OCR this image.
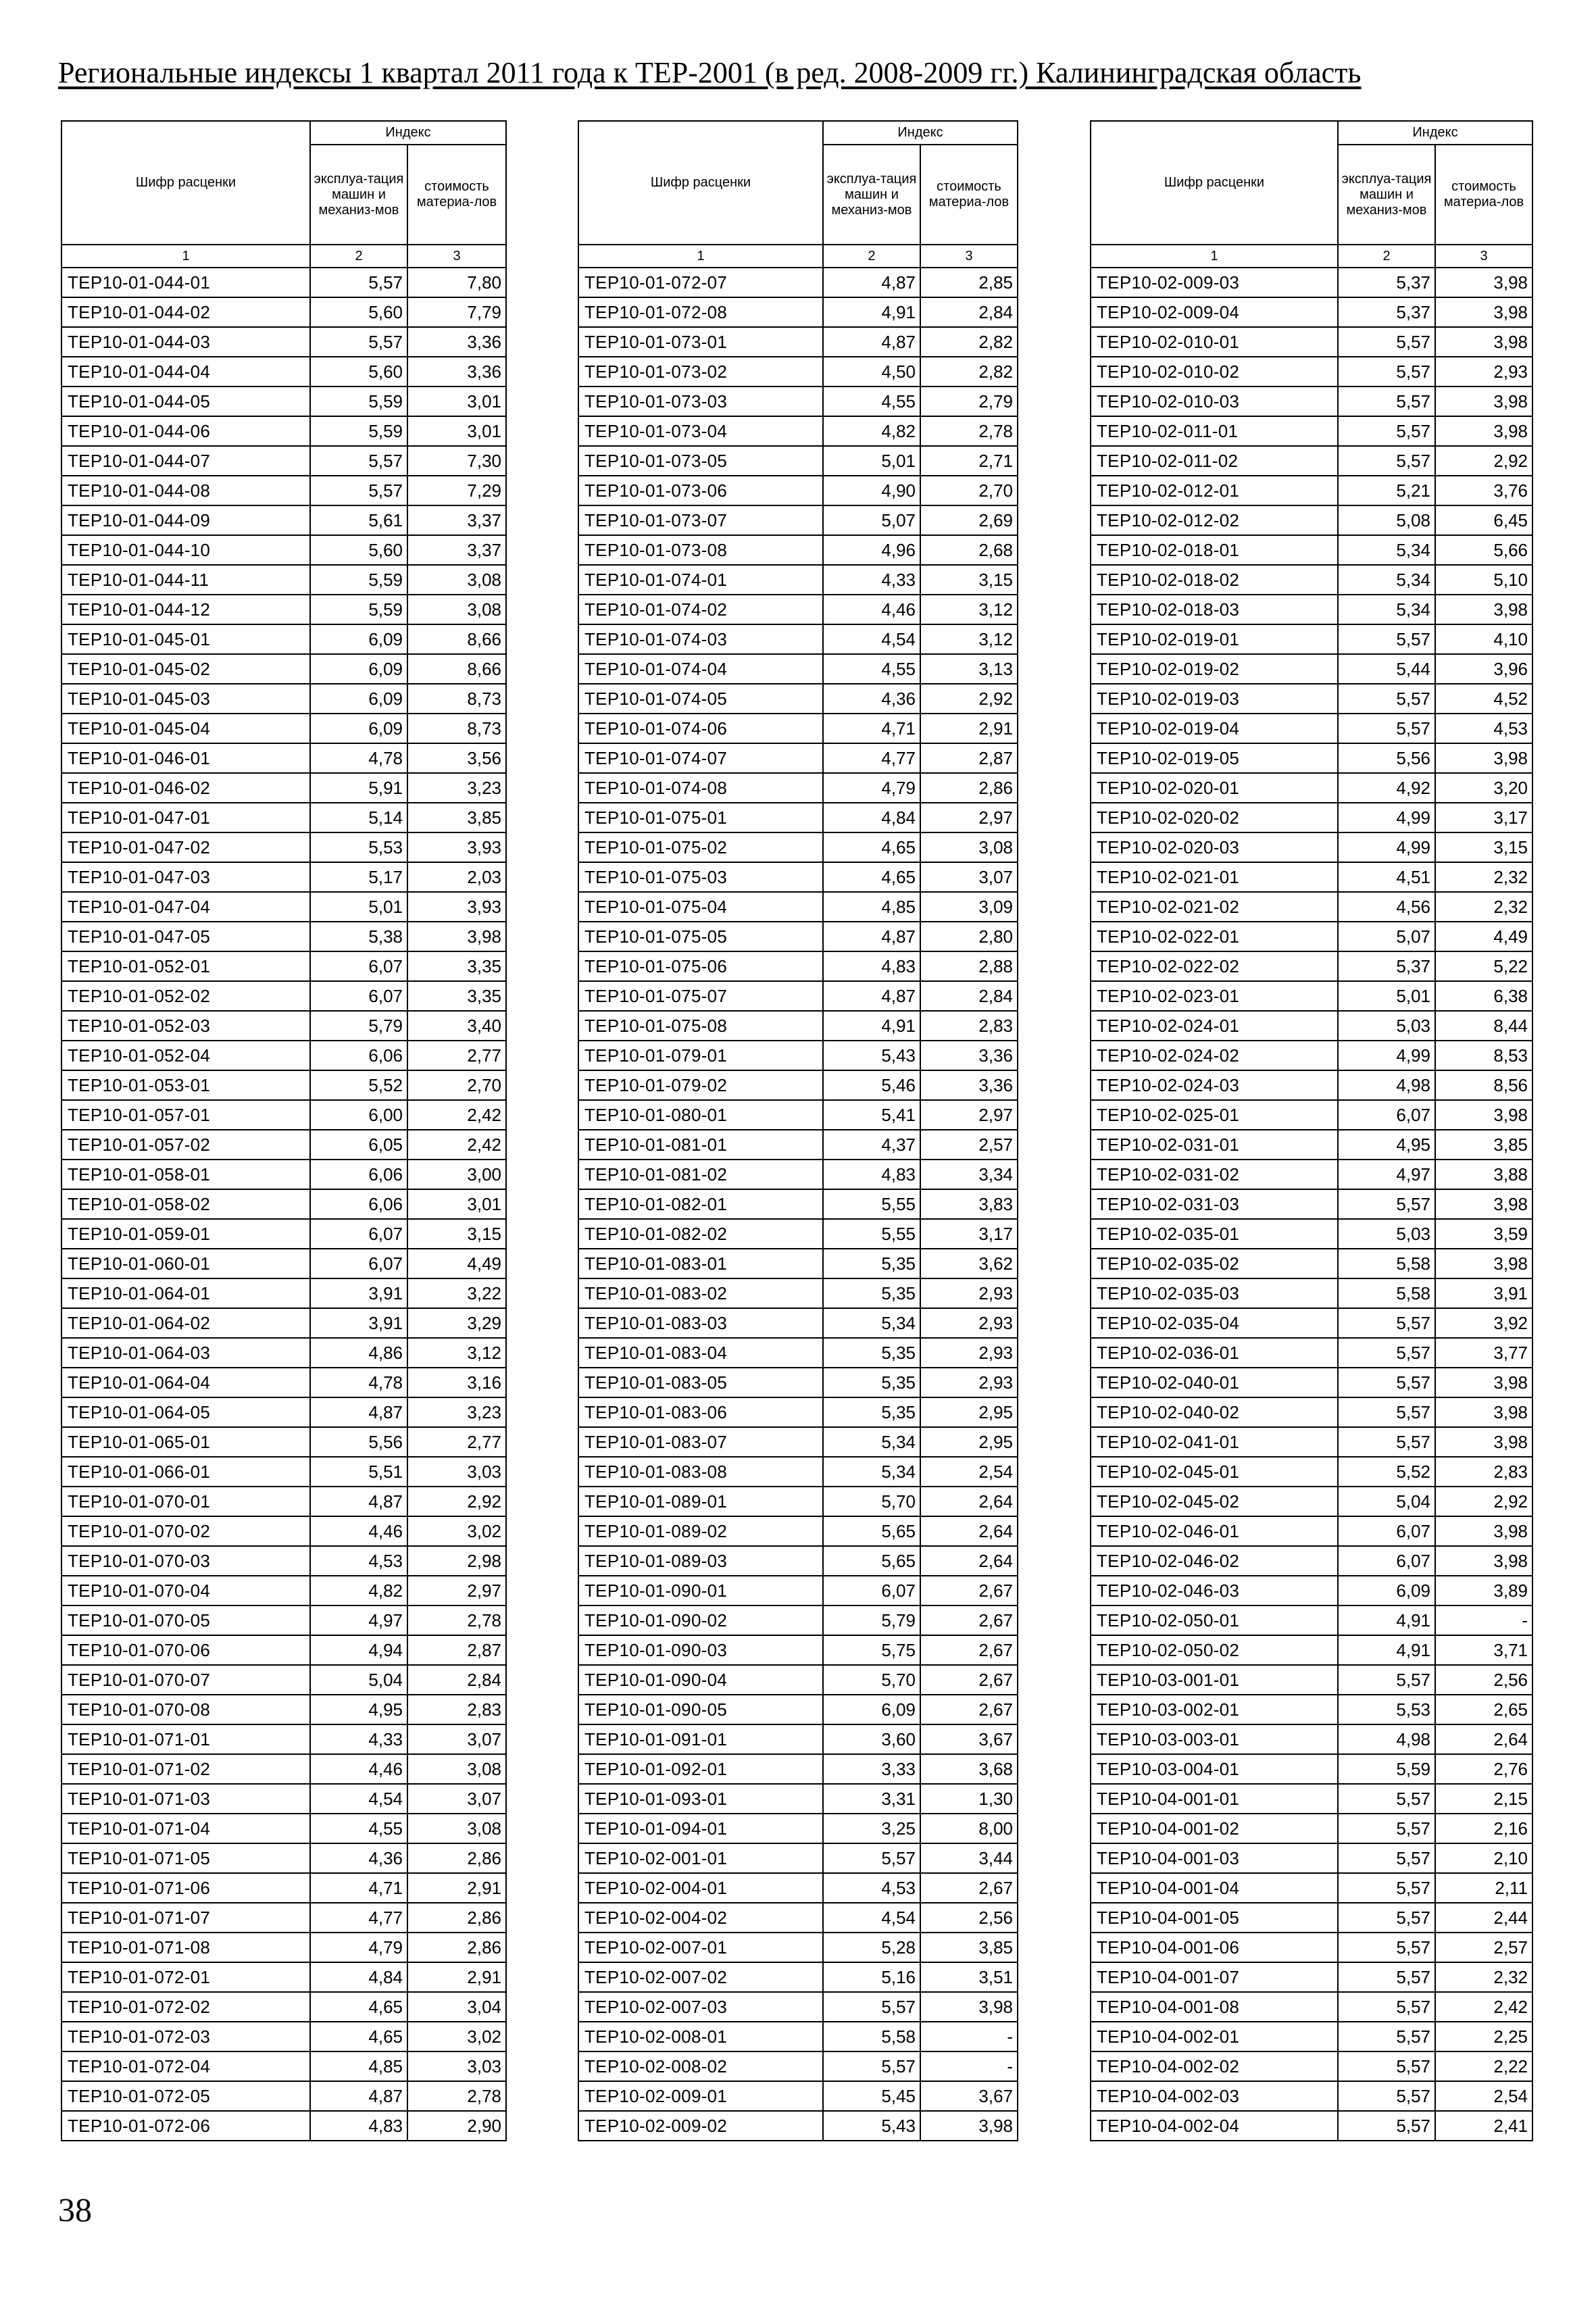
Региональные индексы 1 квартал 2011 года к ТЕР-2001 (в ред. 2008-2009 гг.) Калининградская область
Шифр расценки	Индекс	
	эксплуа-тация машин и механиз-мов	стоимость материа-лов
1	2	3
ТЕР10-01-044-01	5,57	7,80
ТЕР10-01-044-02	5,60	7,79
ТЕР10-01-044-03	5,57	3,36
ТЕР10-01-044-04	5,60	3,36
ТЕР10-01-044-05	5,59	3,01
ТЕР10-01-044-06	5,59	3,01
ТЕР10-01-044-07	5,57	7,30
ТЕР10-01-044-08	5,57	7,29
ТЕР10-01-044-09	5,61	3,37
ТЕР10-01-044-10	5,60	3,37
ТЕР10-01-044-11	5,59	3,08
ТЕР10-01-044-12	5,59	3,08
ТЕР10-01-045-01	6,09	8,66
ТЕР10-01-045-02	6,09	8,66
ТЕР10-01-045-03	6,09	8,73
ТЕР10-01-045-04	6,09	8,73
ТЕР10-01-046-01	4,78	3,56
ТЕР10-01-046-02	5,91	3,23
ТЕР10-01-047-01	5,14	3,85
ТЕР10-01-047-02	5,53	3,93
ТЕР10-01-047-03	5,17	2,03
ТЕР10-01-047-04	5,01	3,93
ТЕР10-01-047-05	5,38	3,98
ТЕР10-01-052-01	6,07	3,35
ТЕР10-01-052-02	6,07	3,35
ТЕР10-01-052-03	5,79	3,40
ТЕР10-01-052-04	6,06	2,77
ТЕР10-01-053-01	5,52	2,70
ТЕР10-01-057-01	6,00	2,42
ТЕР10-01-057-02	6,05	2,42
ТЕР10-01-058-01	6,06	3,00
ТЕР10-01-058-02	6,06	3,01
ТЕР10-01-059-01	6,07	3,15
ТЕР10-01-060-01	6,07	4,49
ТЕР10-01-064-01	3,91	3,22
ТЕР10-01-064-02	3,91	3,29
ТЕР10-01-064-03	4,86	3,12
ТЕР10-01-064-04	4,78	3,16
ТЕР10-01-064-05	4,87	3,23
ТЕР10-01-065-01	5,56	2,77
ТЕР10-01-066-01	5,51	3,03
ТЕР10-01-070-01	4,87	2,92
ТЕР10-01-070-02	4,46	3,02
ТЕР10-01-070-03	4,53	2,98
ТЕР10-01-070-04	4,82	2,97
ТЕР10-01-070-05	4,97	2,78
ТЕР10-01-070-06	4,94	2,87
ТЕР10-01-070-07	5,04	2,84
ТЕР10-01-070-08	4,95	2,83
ТЕР10-01-071-01	4,33	3,07
ТЕР10-01-071-02	4,46	3,08
ТЕР10-01-071-03	4,54	3,07
ТЕР10-01-071-04	4,55	3,08
ТЕР10-01-071-05	4,36	2,86
ТЕР10-01-071-06	4,71	2,91
ТЕР10-01-071-07	4,77	2,86
ТЕР10-01-071-08	4,79	2,86
ТЕР10-01-072-01	4,84	2,91
ТЕР10-01-072-02	4,65	3,04
ТЕР10-01-072-03	4,65	3,02
ТЕР10-01-072-04	4,85	3,03
ТЕР10-01-072-05	4,87	2,78
ТЕР10-01-072-06	4,83	2,90
Шифр расценки	Индекс	
	эксплуа-тация машин и механиз-мов	стоимость материа-лов
1	2	3
ТЕР10-01-072-07	4,87	2,85
ТЕР10-01-072-08	4,91	2,84
ТЕР10-01-073-01	4,87	2,82
ТЕР10-01-073-02	4,50	2,82
ТЕР10-01-073-03	4,55	2,79
ТЕР10-01-073-04	4,82	2,78
ТЕР10-01-073-05	5,01	2,71
ТЕР10-01-073-06	4,90	2,70
ТЕР10-01-073-07	5,07	2,69
ТЕР10-01-073-08	4,96	2,68
ТЕР10-01-074-01	4,33	3,15
ТЕР10-01-074-02	4,46	3,12
ТЕР10-01-074-03	4,54	3,12
ТЕР10-01-074-04	4,55	3,13
ТЕР10-01-074-05	4,36	2,92
ТЕР10-01-074-06	4,71	2,91
ТЕР10-01-074-07	4,77	2,87
ТЕР10-01-074-08	4,79	2,86
ТЕР10-01-075-01	4,84	2,97
ТЕР10-01-075-02	4,65	3,08
ТЕР10-01-075-03	4,65	3,07
ТЕР10-01-075-04	4,85	3,09
ТЕР10-01-075-05	4,87	2,80
ТЕР10-01-075-06	4,83	2,88
ТЕР10-01-075-07	4,87	2,84
ТЕР10-01-075-08	4,91	2,83
ТЕР10-01-079-01	5,43	3,36
ТЕР10-01-079-02	5,46	3,36
ТЕР10-01-080-01	5,41	2,97
ТЕР10-01-081-01	4,37	2,57
ТЕР10-01-081-02	4,83	3,34
ТЕР10-01-082-01	5,55	3,83
ТЕР10-01-082-02	5,55	3,17
ТЕР10-01-083-01	5,35	3,62
ТЕР10-01-083-02	5,35	2,93
ТЕР10-01-083-03	5,34	2,93
ТЕР10-01-083-04	5,35	2,93
ТЕР10-01-083-05	5,35	2,93
ТЕР10-01-083-06	5,35	2,95
ТЕР10-01-083-07	5,34	2,95
ТЕР10-01-083-08	5,34	2,54
ТЕР10-01-089-01	5,70	2,64
ТЕР10-01-089-02	5,65	2,64
ТЕР10-01-089-03	5,65	2,64
ТЕР10-01-090-01	6,07	2,67
ТЕР10-01-090-02	5,79	2,67
ТЕР10-01-090-03	5,75	2,67
ТЕР10-01-090-04	5,70	2,67
ТЕР10-01-090-05	6,09	2,67
ТЕР10-01-091-01	3,60	3,67
ТЕР10-01-092-01	3,33	3,68
ТЕР10-01-093-01	3,31	1,30
ТЕР10-01-094-01	3,25	8,00
ТЕР10-02-001-01	5,57	3,44
ТЕР10-02-004-01	4,53	2,67
ТЕР10-02-004-02	4,54	2,56
ТЕР10-02-007-01	5,28	3,85
ТЕР10-02-007-02	5,16	3,51
ТЕР10-02-007-03	5,57	3,98
ТЕР10-02-008-01	5,58	-
ТЕР10-02-008-02	5,57	-
ТЕР10-02-009-01	5,45	3,67
ТЕР10-02-009-02	5,43	3,98
Шифр расценки	Индекс	
	эксплуа-тация машин и механиз-мов	стоимость материа-лов
1	2	3
ТЕР10-02-009-03	5,37	3,98
ТЕР10-02-009-04	5,37	3,98
ТЕР10-02-010-01	5,57	3,98
ТЕР10-02-010-02	5,57	2,93
ТЕР10-02-010-03	5,57	3,98
ТЕР10-02-011-01	5,57	3,98
ТЕР10-02-011-02	5,57	2,92
ТЕР10-02-012-01	5,21	3,76
ТЕР10-02-012-02	5,08	6,45
ТЕР10-02-018-01	5,34	5,66
ТЕР10-02-018-02	5,34	5,10
ТЕР10-02-018-03	5,34	3,98
ТЕР10-02-019-01	5,57	4,10
ТЕР10-02-019-02	5,44	3,96
ТЕР10-02-019-03	5,57	4,52
ТЕР10-02-019-04	5,57	4,53
ТЕР10-02-019-05	5,56	3,98
ТЕР10-02-020-01	4,92	3,20
ТЕР10-02-020-02	4,99	3,17
ТЕР10-02-020-03	4,99	3,15
ТЕР10-02-021-01	4,51	2,32
ТЕР10-02-021-02	4,56	2,32
ТЕР10-02-022-01	5,07	4,49
ТЕР10-02-022-02	5,37	5,22
ТЕР10-02-023-01	5,01	6,38
ТЕР10-02-024-01	5,03	8,44
ТЕР10-02-024-02	4,99	8,53
ТЕР10-02-024-03	4,98	8,56
ТЕР10-02-025-01	6,07	3,98
ТЕР10-02-031-01	4,95	3,85
ТЕР10-02-031-02	4,97	3,88
ТЕР10-02-031-03	5,57	3,98
ТЕР10-02-035-01	5,03	3,59
ТЕР10-02-035-02	5,58	3,98
ТЕР10-02-035-03	5,58	3,91
ТЕР10-02-035-04	5,57	3,92
ТЕР10-02-036-01	5,57	3,77
ТЕР10-02-040-01	5,57	3,98
ТЕР10-02-040-02	5,57	3,98
ТЕР10-02-041-01	5,57	3,98
ТЕР10-02-045-01	5,52	2,83
ТЕР10-02-045-02	5,04	2,92
ТЕР10-02-046-01	6,07	3,98
ТЕР10-02-046-02	6,07	3,98
ТЕР10-02-046-03	6,09	3,89
ТЕР10-02-050-01	4,91	-
ТЕР10-02-050-02	4,91	3,71
ТЕР10-03-001-01	5,57	2,56
ТЕР10-03-002-01	5,53	2,65
ТЕР10-03-003-01	4,98	2,64
ТЕР10-03-004-01	5,59	2,76
ТЕР10-04-001-01	5,57	2,15
ТЕР10-04-001-02	5,57	2,16
ТЕР10-04-001-03	5,57	2,10
ТЕР10-04-001-04	5,57	2,11
ТЕР10-04-001-05	5,57	2,44
ТЕР10-04-001-06	5,57	2,57
ТЕР10-04-001-07	5,57	2,32
ТЕР10-04-001-08	5,57	2,42
ТЕР10-04-002-01	5,57	2,25
ТЕР10-04-002-02	5,57	2,22
ТЕР10-04-002-03	5,57	2,54
ТЕР10-04-002-04	5,57	2,41
38
